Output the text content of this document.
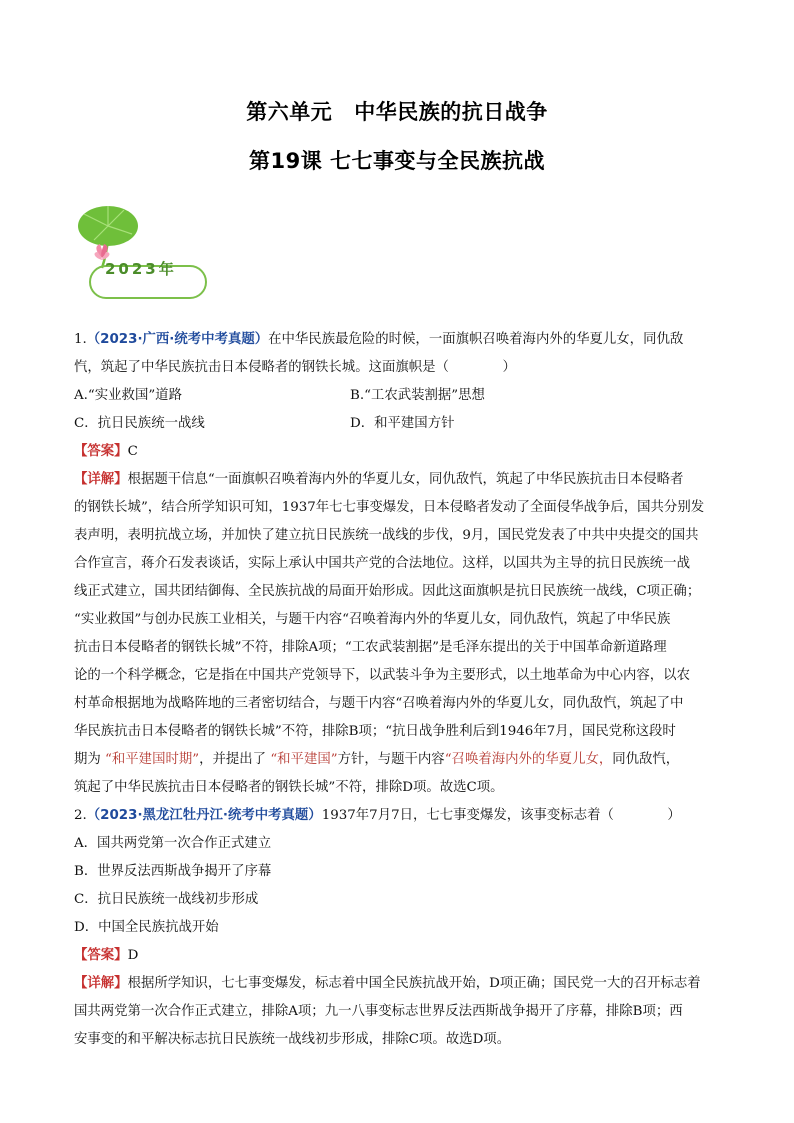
第六单元 中华民族的抗日战争
第19课 七七事变与全民族抗战
2023年

1.（2023·广西·统考中考真题）在中华民族最危险的时候，一面旗帜召唤着海内外的华夏儿女，同仇敌

忾，筑起了中华民族抗击日本侵略者的钢铁长城。这面旗帜是（　　　　）

A.“实业救国”道路	B.“工农武装割据”思想
C．抗日民族统一战线	D．和平建国方针

【答案】C

【详解】根据题干信息“一面旗帜召唤着海内外的华夏儿女，同仇敌忾，筑起了中华民族抗击日本侵略者

的钢铁长城”，结合所学知识可知，1937年七七事变爆发，日本侵略者发动了全面侵华战争后，国共分别发

表声明，表明抗战立场，并加快了建立抗日民族统一战线的步伐，9月，国民党发表了中共中央提交的国共

合作宣言，蒋介石发表谈话，实际上承认中国共产党的合法地位。这样，以国共为主导的抗日民族统一战

线正式建立，国共团结御侮、全民族抗战的局面开始形成。因此这面旗帜是抗日民族统一战线，C项正确；

“实业救国”与创办民族工业相关，与题干内容“召唤着海内外的华夏儿女，同仇敌忾，筑起了中华民族

抗击日本侵略者的钢铁长城”不符，排除A项；“工农武装割据”是毛泽东提出的关于中国革命新道路理

论的一个科学概念，它是指在中国共产党领导下，以武装斗争为主要形式，以土地革命为中心内容，以农

村革命根据地为战略阵地的三者密切结合，与题干内容“召唤着海内外的华夏儿女，同仇敌忾，筑起了中

华民族抗击日本侵略者的钢铁长城”不符，排除B项；“抗日战争胜利后到1946年7月，国民党称这段时

期为 “和平建国时期”，并提出了 “和平建国”方针，与题干内容“召唤着海内外的华夏儿女，同仇敌忾，

筑起了中华民族抗击日本侵略者的钢铁长城”不符，排除D项。故选C项。

2.（2023·黑龙江牡丹江·统考中考真题）1937年7月7日，七七事变爆发，该事变标志着（　　　　）

A．国共两党第一次合作正式建立

B．世界反法西斯战争揭开了序幕

C．抗日民族统一战线初步形成

D．中国全民族抗战开始

【答案】D

【详解】根据所学知识，七七事变爆发，标志着中国全民族抗战开始，D项正确；国民党一大的召开标志着

国共两党第一次合作正式建立，排除A项；九一八事变标志世界反法西斯战争揭开了序幕，排除B项；西

安事变的和平解决标志抗日民族统一战线初步形成，排除C项。故选D项。
